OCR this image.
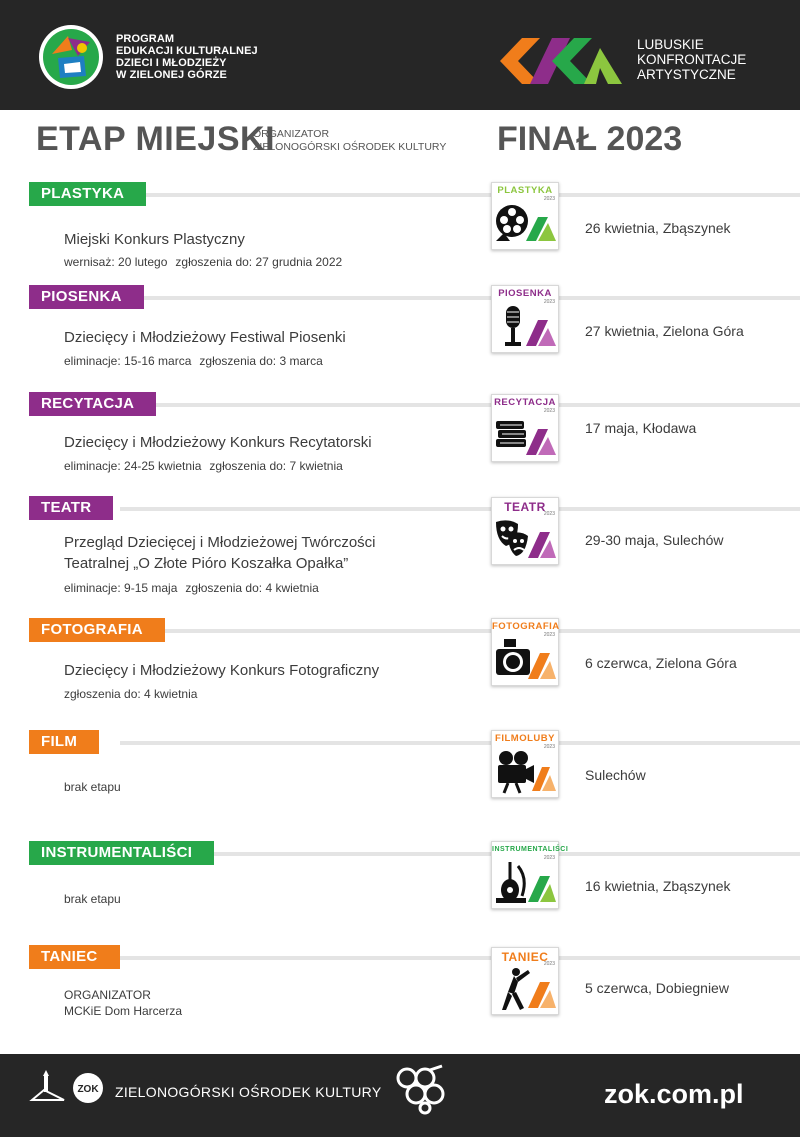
PROGRAM
EDUKACJI KULTURALNEJ
DZIECI I MŁODZIEŻY
W ZIELONEJ GÓRZE
LUBUSKIE
KONFRONTACJE
ARTYSTYCZNE
ETAP MIEJSKI
ORGANIZATOR
ZIELONOGÓRSKI OŚRODEK KULTURY FINAŁ 2023
PLASTYKA
Miejski Konkurs Plastyczny
wernisaż: 20 lutego zgłoszenia do: 27 grudnia 2022
PLASTYKA
2023
26 kwietnia, Zbąszynek
PIOSENKA
Dziecięcy i Młodzieżowy Festiwal Piosenki
eliminacje: 15-16 marca zgłoszenia do: 3 marca
PIOSENKA
2023
27 kwietnia, Zielona Góra
RECYTACJA
Dziecięcy i Młodzieżowy Konkurs Recytatorski
eliminacje: 24-25 kwietnia zgłoszenia do: 7 kwietnia
RECYTACJA
2023
17 maja, Kłodawa
TEATR
Przegląd Dziecięcej i Młodzieżowej Twórczości
Teatralnej „O Złote Pióro Koszałka Opałka”
eliminacje: 9-15 maja zgłoszenia do: 4 kwietnia
TEATR
2023
29-30 maja, Sulechów
FOTOGRAFIA
Dziecięcy i Młodzieżowy Konkurs Fotograficzny
zgłoszenia do: 4 kwietnia
FOTOGRAFIA
2023
6 czerwca, Zielona Góra
FILM
brak etapu
FILMOLUBY
2023
Sulechów
INSTRUMENTALIŚCI
brak etapu
INSTRUMENTALIŚCI
2023
16 kwietnia, Zbąszynek
TANIEC
ORGANIZATOR
MCKiE Dom Harcerza
TANIEC
2023
5 czerwca, Dobiegniew
ZOK ZIELONOGÓRSKI OŚRODEK KULTURY	zok.com.pl
